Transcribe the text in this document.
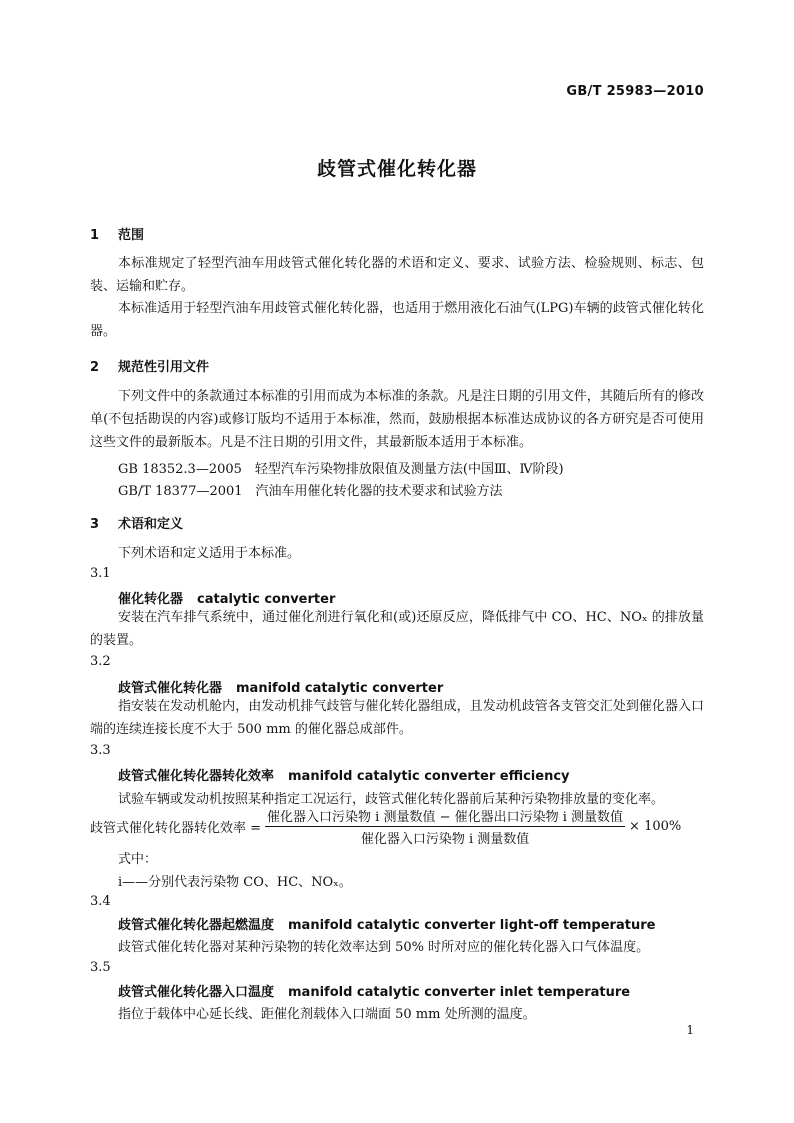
GB/T 25983—2010
歧管式催化转化器
1 范围
本标准规定了轻型汽油车用歧管式催化转化器的术语和定义、要求、试验方法、检验规则、标志、包装、运输和贮存。
本标准适用于轻型汽油车用歧管式催化转化器，也适用于燃用液化石油气(LPG)车辆的歧管式催化转化器。
2 规范性引用文件
下列文件中的条款通过本标准的引用而成为本标准的条款。凡是注日期的引用文件，其随后所有的修改单(不包括勘误的内容)或修订版均不适用于本标准，然而，鼓励根据本标准达成协议的各方研究是否可使用这些文件的最新版本。凡是不注日期的引用文件，其最新版本适用于本标准。
GB 18352.3—2005　轻型汽车污染物排放限值及测量方法(中国Ⅲ、Ⅳ阶段)
GB/T 18377—2001　汽油车用催化转化器的技术要求和试验方法
3 术语和定义
下列术语和定义适用于本标准。
3.1
催化转化器 catalytic converter
安装在汽车排气系统中，通过催化剂进行氧化和(或)还原反应，降低排气中 CO、HC、NOₓ 的排放量的装置。
3.2
歧管式催化转化器 manifold catalytic converter
指安装在发动机舱内，由发动机排气歧管与催化转化器组成，且发动机歧管各支管交汇处到催化器入口端的连续连接长度不大于 500 mm 的催化器总成部件。
3.3
歧管式催化转化器转化效率 manifold catalytic converter efficiency
试验车辆或发动机按照某种指定工况运行，歧管式催化转化器前后某种污染物排放量的变化率。
歧管式催化转化器转化效率 = $\frac{\text{催化器入口污染物 i 测量数值 − 催化器出口污染物 i 测量数值}}{\text{催化器入口污染物 i 测量数值}} \times 100\%$
式中：
i——分别代表污染物 CO、HC、NOₓ。
3.4
歧管式催化转化器起燃温度 manifold catalytic converter light-off temperature
歧管式催化转化器对某种污染物的转化效率达到 50% 时所对应的催化转化器入口气体温度。
3.5
歧管式催化转化器入口温度 manifold catalytic converter inlet temperature
指位于载体中心延长线、距催化剂载体入口端面 50 mm 处所测的温度。
1
